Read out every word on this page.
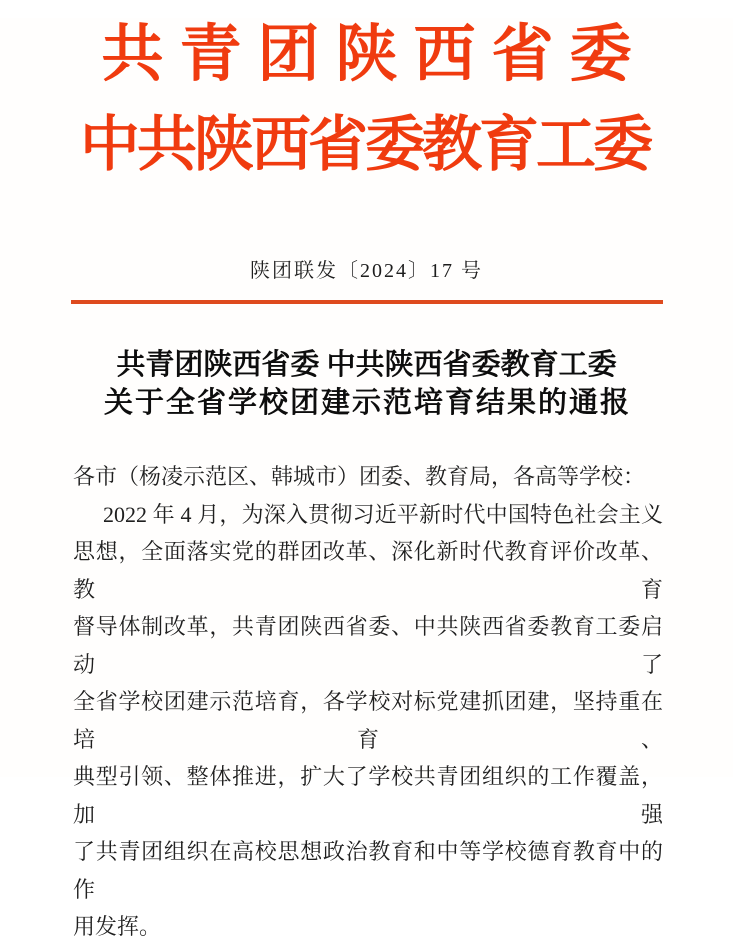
共青团陕西省委
中共陕西省委教育工委
陕团联发〔2024〕17 号
共青团陕西省委 中共陕西省委教育工委
关于全省学校团建示范培育结果的通报
各市（杨凌示范区、韩城市）团委、教育局，各高等学校：
2022 年 4 月，为深入贯彻习近平新时代中国特色社会主义
思想，全面落实党的群团改革、深化新时代教育评价改革、教育
督导体制改革，共青团陕西省委、中共陕西省委教育工委启动了
全省学校团建示范培育，各学校对标党建抓团建，坚持重在培育、
典型引领、整体推进，扩大了学校共青团组织的工作覆盖，加强
了共青团组织在高校思想政治教育和中等学校德育教育中的作
用发挥。
